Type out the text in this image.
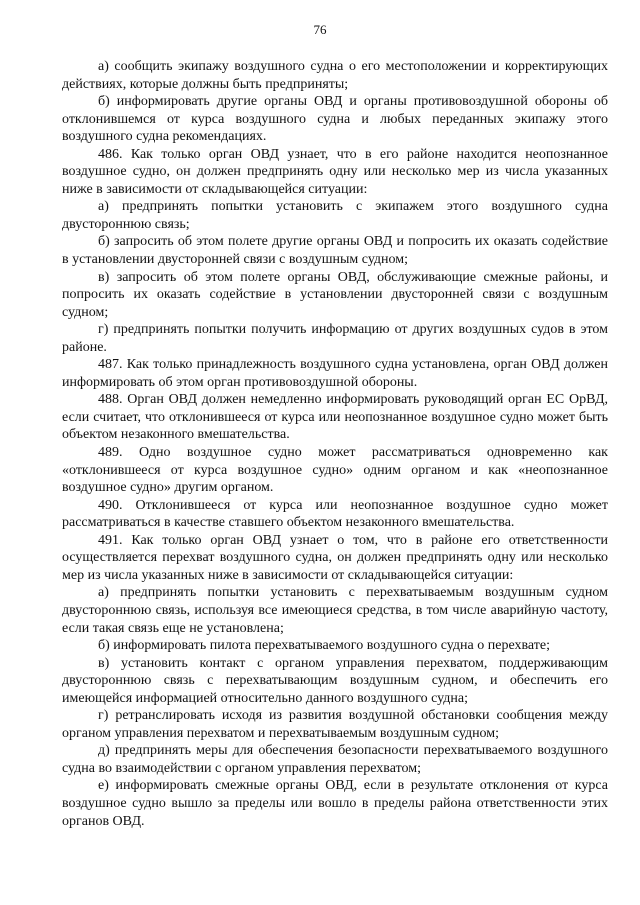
76

а) сообщить экипажу воздушного судна о его местоположении и корректирующих действиях, которые должны быть предприняты;

б) информировать другие органы ОВД и органы противовоздушной обороны об отклонившемся от курса воздушного судна и любых переданных экипажу этого воздушного судна рекомендациях.

486. Как только орган ОВД узнает, что в его районе находится неопознанное воздушное судно, он должен предпринять одну или несколько мер из числа указанных ниже в зависимости от складывающейся ситуации:

а) предпринять попытки установить с экипажем этого воздушного судна двустороннюю связь;

б) запросить об этом полете другие органы ОВД и попросить их оказать содействие в установлении двусторонней связи с воздушным судном;

в) запросить об этом полете органы ОВД, обслуживающие смежные районы, и попросить их оказать содействие в установлении двусторонней связи с воздушным судном;

г) предпринять попытки получить информацию от других воздушных судов в этом районе.

487. Как только принадлежность воздушного судна установлена, орган ОВД должен информировать об этом орган противовоздушной обороны.

488. Орган ОВД должен немедленно информировать руководящий орган ЕС ОрВД, если считает, что отклонившееся от курса или неопознанное воздушное судно может быть объектом незаконного вмешательства.

489. Одно воздушное судно может рассматриваться одновременно как «отклонившееся от курса воздушное судно» одним органом и как «неопознанное воздушное судно» другим органом.

490. Отклонившееся от курса или неопознанное воздушное судно может рассматриваться в качестве ставшего объектом незаконного вмешательства.

491. Как только орган ОВД узнает о том, что в районе его ответственности осуществляется перехват воздушного судна, он должен предпринять одну или несколько мер из числа указанных ниже в зависимости от складывающейся ситуации:

а) предпринять попытки установить с перехватываемым воздушным судном двустороннюю связь, используя все имеющиеся средства, в том числе аварийную частоту, если такая связь еще не установлена;

б) информировать пилота перехватываемого воздушного судна о перехвате;

в) установить контакт с органом управления перехватом, поддерживающим двустороннюю связь с перехватывающим воздушным судном, и обеспечить его имеющейся информацией относительно данного воздушного судна;

г) ретранслировать исходя из развития воздушной обстановки сообщения между органом управления перехватом и перехватываемым воздушным судном;

д) предпринять меры для обеспечения безопасности перехватываемого воздушного судна во взаимодействии с органом управления перехватом;

е) информировать смежные органы ОВД, если в результате отклонения от курса воздушное судно вышло за пределы или вошло в пределы района ответственности этих органов ОВД.
